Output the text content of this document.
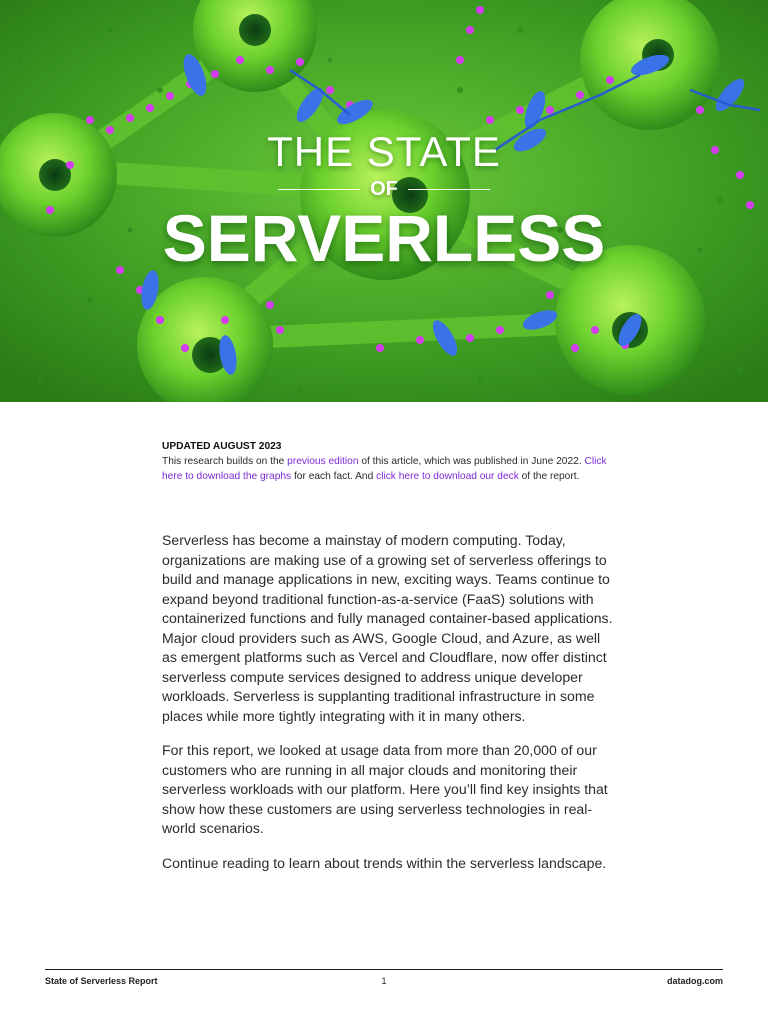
THE STATE
OF
SERVERLESS
UPDATED AUGUST 2023
This research builds on the previous edition of this article, which was published in June 2022. Click here to download the graphs for each fact. And click here to download our deck of the report.

Serverless has become a mainstay of modern computing. Today, organizations are making use of a growing set of serverless offerings to build and manage applications in new, exciting ways. Teams continue to expand beyond traditional function-as-a-service (FaaS) solutions with containerized functions and fully managed container-based applications. Major cloud providers such as AWS, Google Cloud, and Azure, as well as emergent platforms such as Vercel and Cloudflare, now offer distinct serverless compute services designed to address unique developer workloads. Serverless is supplanting traditional infrastructure in some places while more tightly integrating with it in many others.

For this report, we looked at usage data from more than 20,000 of our customers who are running in all major clouds and monitoring their serverless workloads with our platform. Here you’ll find key insights that show how these customers are using serverless technologies in real-world scenarios.

Continue reading to learn about trends within the serverless landscape.

State of Serverless Report	1	datadog.com
